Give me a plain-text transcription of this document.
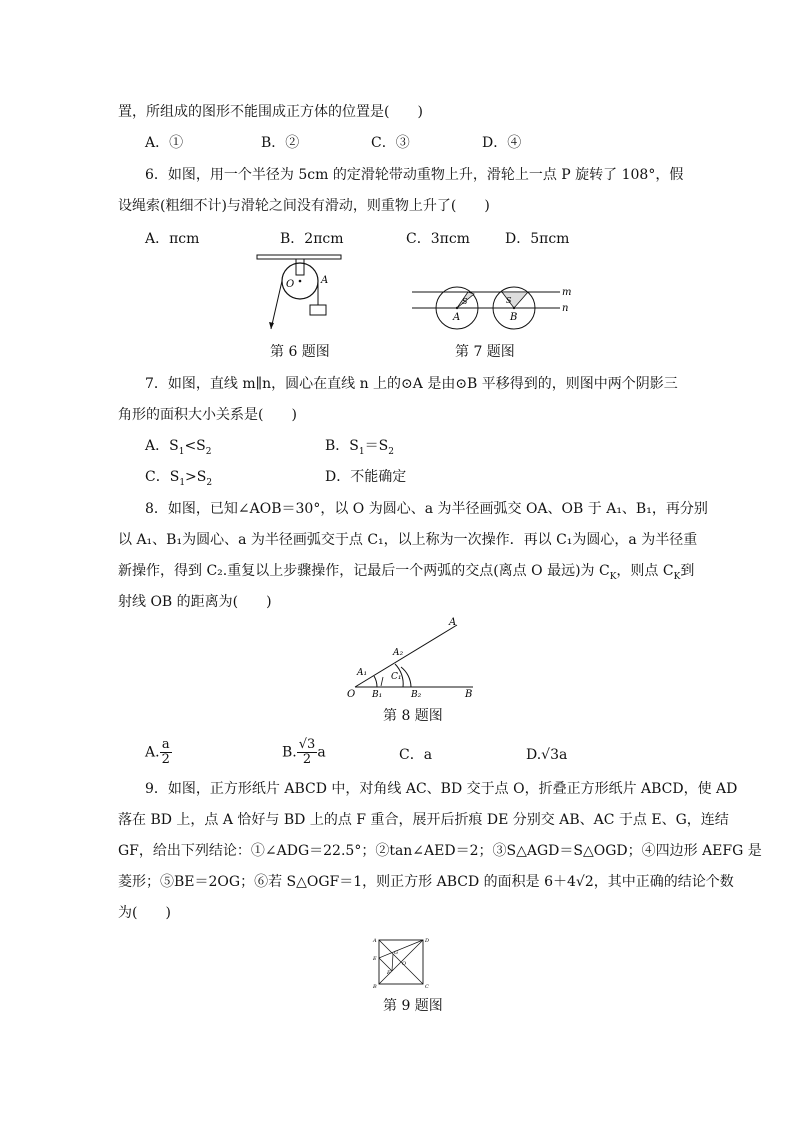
置，所组成的图形不能围成正方体的位置是(　　)
A．①	B．②	C．③	D．④
6．如图，用一个半径为 5cm 的定滑轮带动重物上升，滑轮上一点 P 旋转了 108°，假
设绳索(粗细不计)与滑轮之间没有滑动，则重物上升了(　　)
A．πcm	B．2πcm	C．3πcm	D．5πcm
O	A
第 6 题图
m
n
A	B
S	S
第 7 题图
7．如图，直线 m∥n，圆心在直线 n 上的⊙A 是由⊙B 平移得到的，则图中两个阴影三
角形的面积大小关系是(　　)
A．$S_1<S_2$	B．$S_1=S_2$
C．$S_1>S_2$	D．不能确定
8．如图，已知∠AOB＝30°，以 O 为圆心、a 为半径画弧交 OA、OB 于 A₁、B₁，再分别
以 A₁、B₁为圆心、a 为半径画弧交于点 C₁，以上称为一次操作．再以 C₁为圆心，a 为半径重
新操作，得到 C₂.重复以上步骤操作，记最后一个两弧的交点(离点 O 最远)为 $C_K$，则点 $C_K$到
射线 OB 的距离为(　　)
O
A
B
A₁
A₂
B₁	B₂
C₁
第 8 题图
A. $\frac{a}{2}$	B. $\frac{√3}{2}$ a	C．a	D.√3a
9．如图，正方形纸片 ABCD 中，对角线 AC、BD 交于点 O，折叠正方形纸片 ABCD，使 AD
落在 BD 上，点 A 恰好与 BD 上的点 F 重合，展开后折痕 DE 分别交 AB、AC 于点 E、G，连结
GF，给出下列结论：①∠ADG＝22.5°；②tan∠AED＝2；③S△AGD＝S△OGD；④四边形 AEFG 是
菱形；⑤BE＝2OG；⑥若 S△OGF＝1，则正方形 ABCD 的面积是 6＋4√2，其中正确的结论个数
为(　　)
A
B	C
D
E
F
G
O
第 9 题图
